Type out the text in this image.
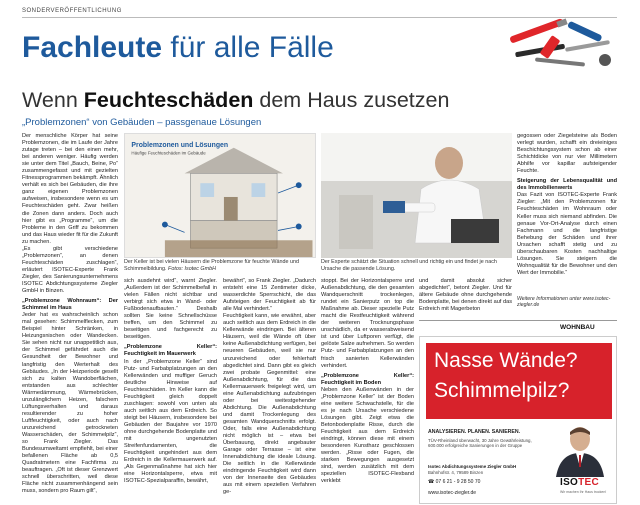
SONDERVERÖFFENTLICHUNG
Fachleute für alle Fälle
Wenn Feuchteschäden dem Haus zusetzen
„Problemzonen“ von Gebäuden – passgenaue Lösungen

Der menschliche Körper hat seine Problemzonen, die im Laufe der Jahre zutage treten – bei den einen mehr, bei anderen weniger. Häufig werden sie unter dem Titel „Bauch, Beine, Po“ zusammengefasst und mit gezielten Fitnessprogrammen bekämpft. Ähnlich verhält es sich bei Gebäuden, die ihre ganz eigenen Problemzonen aufweisen, insbesondere wenn es um Feuchteschäden geht. Zwar heißen die Zonen dann anders. Doch auch hier gibt es „Programme“, um die Probleme in den Griff zu bekommen und das Haus wieder fit für die Zukunft zu machen.

„Es gibt verschiedene „Problemzonen“, an denen Feuchteschäden zuschlagen“, erläutert ISOTEC-Experte Frank Ziegler, des Sanierungsunternehmens ISOTEC Abdichtungssysteme Ziegler GmbH in Binzen.

„Problemzone Wohnraum“: Der Schimmel im Haus

Jeder hat es wahrscheinlich schon mal gesehen: Schimmelflecken, zum Beispiel hinter Schränken, in Heizungsnischen oder Wandecken. Sie sehen nicht nur unappetitlich aus, der Schimmel gefährdet auch die Gesundheit der Bewohner und langfristig den Werterhalt des Gebäudes. „In der Heizperiode gesellt sich zu kalten Wandoberflächen, entstanden aus schlechter Wärmedämmung, Wärmebrücken, unzulänglichem Heizen, falschem Lüftungsverhalten und daraus resultierender zu hoher Luftfeuchtigkeit, oder auch nach unzureichend getrockneten Wasserschäden, der Schimmelpilz“, so Frank Ziegler. Das Bundesumweltamt empfiehlt, bei einer befallenen Fläche ab 0,5 Quadratmetern eine Fachfirma zu beauftragen. „Oft ist dieser Grenzwert schnell überschritten, weil diese Fläche nicht zusammenhängend sein muss, sondern pro Raum gilt“,

Problemzonen und Lösungen
Häufige Feuchteschäden im Gebäude
Der Keller ist bei vielen Häusern die Problemzone für feuchte Wände und Schimmelbildung. Fotos: Isotec GmbH
Der Experte schätzt die Situation schnell und richtig ein und findet je nach Ursache die passende Lösung.

sich ausdehnt wird“, warnt Ziegler. „Außerdem ist der Schimmelbefall in vielen Fällen nicht sichtbar und verbirgt sich etwa in Wand- oder Fußbodenaufbauten.“ Deshalb sollten Sie keine Schnellschüsse treffen, um den Schimmel zu beseitigen und fachgerecht zu beseitigen.

„Problemzone Keller“: Feuchtigkeit im Mauerwerk

In der „Problemzone Keller“ sind Putz- und Farbabplatzungen an den Kellerwänden und muffiger Geruch deutliche Hinweise auf Feuchteschäden. Im Keller kann die Feuchtigkeit gleich doppelt zuschlagen: sowohl von unten als auch seitlich aus dem Erdreich. So steigt bei Häusern, insbesondere bei Gebäuden der Baujahre vor 1970 ohne durchgehende Bodenplatte und mit ungenutzten Streifenfundamenten, die Feuchtigkeit ungehindert aus dem Erdreich in die Kellermauerwerk auf. „Als Gegenmaßnahme hat sich hier eine Horizontalsperre, etwa mit ISOTEC-Spezialparaffin, bewährt,

bewährt“, so Frank Ziegler. „Dadurch entsteht eine 15 Zentimeter dicke, wasserdichte Sperrschicht, die das Aufsteigen der Feuchtigkeit ab für alle Mal verhindert.“

Feuchtigkeit kann, wie erwähnt, aber auch seitlich aus dem Erdreich in die Kellerwände eindringen. Bei älteren Häusern, weil die Wände oft über keine Außenabdichtung verfügen, bei neueren Gebäuden, weil sie nur unzureichend oder fehlerhaft abgedichtet sind. Dann gibt es gleich zwei probate Gegenmittel: eine Außenabdichtung, für die das Kellermauerwerk freigelegt wird, um eine Außenabdichtung aufzubringen oder bei weitestgehender Abdichtung. Die Außenabdichtung und damit Trockenlegung des gesamten Wandquerschnitts erfolgt. Oder, falls eine Außenabdichtung nicht möglich ist – etwa bei Überbauung, direkt angebauter Garage oder Terrasse – ist eine Innenabdichtung die ideale Lösung. Die seitlich in die Kellerwände eindringende Feuchtigkeit wird dann von der Innenseite des Gebäudes aus mit einem speziellen Verfahren ge-

stoppt. Bei der Horizontalsperre und Außenabdichtung, die den gesamten Wandquerschnitt trockenlegen, rundet ein Sanierputz on top die Maßnahme ab. Dieser spezielle Putz macht die Restfeuchtigkeit während der weiteren Trocknungsphase unschädlich, da er wasserabweisend ist und über Luftporen verfügt, die gelöste Salze aufnehmen. So werden Putz- und Farbabplatzungen an den frisch sanierten Kellerwänden verhindert.

„Problemzone Keller“: Feuchtigkeit im Boden

Neben den Außenwänden in der „Problemzone Keller“ ist der Boden eine weitere Schwachstelle, für die es je nach Ursache verschiedene Lösungen gibt. Zeigt etwa die Betonbodenplatte Risse, durch die Feuchtigkeit aus dem Erdreich eindringt, können diese mit einem besonderen Kunstharz geschlossen werden. „Risse oder Fugen, die starken Bewegungen ausgesetzt sind, werden zusätzlich mit dem speziellen ISOTEC-Flexband verklebt

und damit absolut sicher abgedichtet“, betont Ziegler. Und für ältere Gebäude ohne durchgehende Bodenplatte, bei denen direkt auf das Erdreich mit Magerbeton

gegossen oder Ziegelsteine als Boden verlegt wurden, schafft ein dreieiniges Beschichtungssystem schon ab einer Schichtdicke von nur vier Millimetern Abhilfe vor kapillar aufsteigender Feuchte.

Steigerung der Lebensqualität und des Immobilienwerts

Das Fazit von ISOTEC-Experte Frank Ziegler: „Mit den Problemzonen für Feuchteschäden im Wohnraum oder Keller muss sich niemand abfinden. Die genaue Vor-Ort-Analyse durch einen Fachmann und die langfristige Behebung der Schäden und ihrer Ursachen schafft stetig und zu überschaubaren Kosten nachhaltige Lösungen. Sie steigern die Wohnqualität für die Bewohner und den Wert der Immobilie.“

Weitere Informationen unter www.isotec-ziegler.de
WOHNBAU
Nasse Wände?
Schimmelpilz?
ANALYSIEREN. PLANEN. SANIEREN.
TÜV-Rheinland überwacht, 30 Jahre Gewährleistung, 600.000 erfolgreiche Sanierungen in der Gruppe
Isotec Abdichtungssysteme Ziegler GmbH
Bahnhofstr. 4, 79589 Binzen
☎ 07 6 21 - 9 28 50 70
www.isotec-ziegler.de
ISOTEC
Wir machen Ihr Haus trocken!
